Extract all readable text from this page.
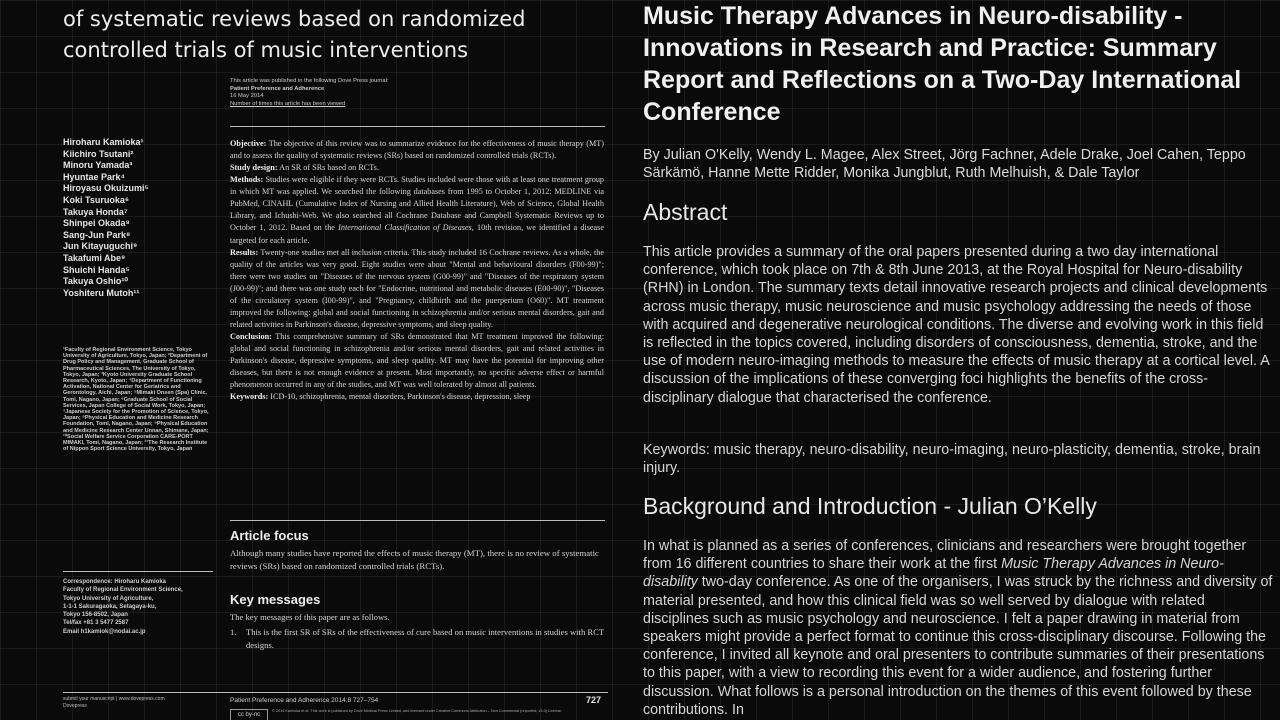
of systematic reviews based on randomized
controlled trials of music interventions
This article was published in the following Dove Press journal:
Patient Preference and Adherence
16 May 2014
Number of times this article has been viewed
Hiroharu Kamioka¹
Kiichiro Tsutani²
Minoru Yamada³
Hyuntae Park⁴
Hiroyasu Okuizumi⁵
Koki Tsuruoka⁶
Takuya Honda⁷
Shinpei Okada⁸
Sang-Jun Park⁸
Jun Kitayuguchi⁹
Takafumi Abe⁹
Shuichi Handa⁵
Takuya Oshio¹⁰
Yoshiteru Mutoh¹¹
¹Faculty of Regional Environment Science, Tokyo University of Agriculture, Tokyo, Japan; ²Department of Drug Policy and Management, Graduate School of Pharmaceutical Sciences, The University of Tokyo, Tokyo, Japan; ³Kyoto University Graduate School Research, Kyoto, Japan; ⁴Department of Functioning Activation, National Center for Geriatrics and Gerontology, Aichi, Japan; ⁵Mimaki Onsen (Spa) Clinic, Tomi, Nagano, Japan; ⁶Graduate School of Social Services, Japan College of Social Work, Tokyo, Japan; ⁷Japanese Society for the Promotion of Science, Tokyo, Japan; ⁸Physical Education and Medicine Research Foundation, Tomi, Nagano, Japan; ⁹Physical Education and Medicine Research Center Unnan, Shimane, Japan; ¹⁰Social Welfare Service Corporation CARE-PORT MIMAKI, Tomi, Nagano, Japan; ¹¹The Research Institute of Nippon Sport Science University, Tokyo, Japan
Correspondence: Hiroharu Kamioka
Faculty of Regional Environment Science,
Tokyo University of Agriculture,
1-1-1 Sakuragaoka, Setagaya-ku,
Tokyo 156-8502, Japan
Tel/fax +81 3 5477 2587
Email h1kamiok@nodai.ac.jp
Objective: The objective of this review was to summarize evidence for the effectiveness of music therapy (MT) and to assess the quality of systematic reviews (SRs) based on randomized controlled trials (RCTs).
Study design: An SR of SRs based on RCTs.
Methods: Studies were eligible if they were RCTs. Studies included were those with at least one treatment group in which MT was applied. We searched the following databases from 1995 to October 1, 2012: MEDLINE via PubMed, CINAHL (Cumulative Index of Nursing and Allied Health Literature), Web of Science, Global Health Library, and Ichushi-Web. We also searched all Cochrane Database and Campbell Systematic Reviews up to October 1, 2012. Based on the International Classification of Diseases, 10th revision, we identified a disease targeted for each article.
Results: Twenty-one studies met all inclusion criteria. This study included 16 Cochrane reviews. As a whole, the quality of the articles was very good. Eight studies were about "Mental and behavioural disorders (F00-99)"; there were two studies on "Diseases of the nervous system (G00-99)" and "Diseases of the respiratory system (J00-99)"; and there was one study each for "Endocrine, nutritional and metabolic diseases (E00-90)", "Diseases of the circulatory system (I00-99)", and "Pregnancy, childbirth and the puerperium (O60)". MT treatment improved the following: global and social functioning in schizophrenia and/or serious mental disorders, gait and related activities in Parkinson's disease, depressive symptoms, and sleep quality.
Conclusion: This comprehensive summary of SRs demonstrated that MT treatment improved the following: global and social functioning in schizophrenia and/or serious mental disorders, gait and related activities in Parkinson's disease, depressive symptoms, and sleep quality. MT may have the potential for improving other diseases, but there is not enough evidence at present. Most importantly, no specific adverse effect or harmful phenomenon occurred in any of the studies, and MT was well tolerated by almost all patients.
Keywords: ICD-10, schizophrenia, mental disorders, Parkinson's disease, depression, sleep
Article focus
Although many studies have reported the effects of music therapy (MT), there is no review of systematic reviews (SRs) based on randomized controlled trials (RCTs).
Key messages
The key messages of this paper are as follows.
1.	This is the first SR of SRs of the effectiveness of cure based on music interventions in studies with RCT designs.
submit your manuscript | www.dovepress.com
Dovepress
Patient Preference and Adherence 2014:8 727–754	727
cc by-nc
© 2014 Kamioka et al. This work is published by Dove Medical Press Limited, and licensed under Creative Commons Attribution – Non Commercial (unported, v3.0) License.
Music Therapy Advances in Neuro-disability - Innovations in Research and Practice: Summary Report and Reflections on a Two-Day International Conference
By Julian O'Kelly, Wendy L. Magee, Alex Street, Jörg Fachner, Adele Drake, Joel Cahen, Teppo Särkämö, Hanne Mette Ridder, Monika Jungblut, Ruth Melhuish, & Dale Taylor
Abstract
This article provides a summary of the oral papers presented during a two day international conference, which took place on 7th & 8th June 2013, at the Royal Hospital for Neuro-disability (RHN) in London. The summary texts detail innovative research projects and clinical developments across music therapy, music neuroscience and music psychology addressing the needs of those with acquired and degenerative neurological conditions. The diverse and evolving work in this field is reflected in the topics covered, including disorders of consciousness, dementia, stroke, and the use of modern neuro-imaging methods to measure the effects of music therapy at a cortical level. A discussion of the implications of these converging foci highlights the benefits of the cross-disciplinary dialogue that characterised the conference.
Keywords: music therapy, neuro-disability, neuro-imaging, neuro-plasticity, dementia, stroke, brain injury.
Background and Introduction - Julian O’Kelly
In what is planned as a series of conferences, clinicians and researchers were brought together from 16 different countries to share their work at the first Music Therapy Advances in Neuro-disability two-day conference. As one of the organisers, I was struck by the richness and diversity of material presented, and how this clinical field was so well served by dialogue with related disciplines such as music psychology and neuroscience. I felt a paper drawing in material from speakers might provide a perfect format to continue this cross-disciplinary discourse. Following the conference, I invited all keynote and oral presenters to contribute summaries of their presentations to this paper, with a view to recording this event for a wider audience, and fostering further discussion. What follows is a personal introduction on the themes of this event followed by these contributions. In
